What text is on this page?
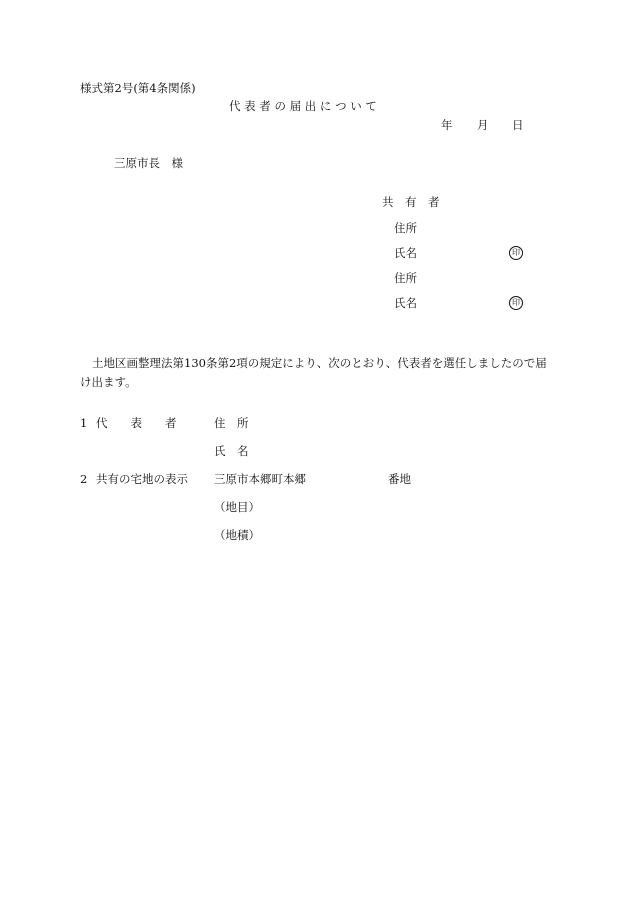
様式第2号(第4条関係)
代 表 者 の 届 出 に つ い て
年 月 日
三原市長　様
共　有　者
住所
氏名	印
住所
氏名	印
土地区画整理法第130条第2項の規定により、次のとおり、代表者を選任しましたので届け出ます。
1 代　　表　　者	住　所
氏　名
2 共有の宅地の表示 三原市本郷町本郷	番地
（地目）
（地積）
